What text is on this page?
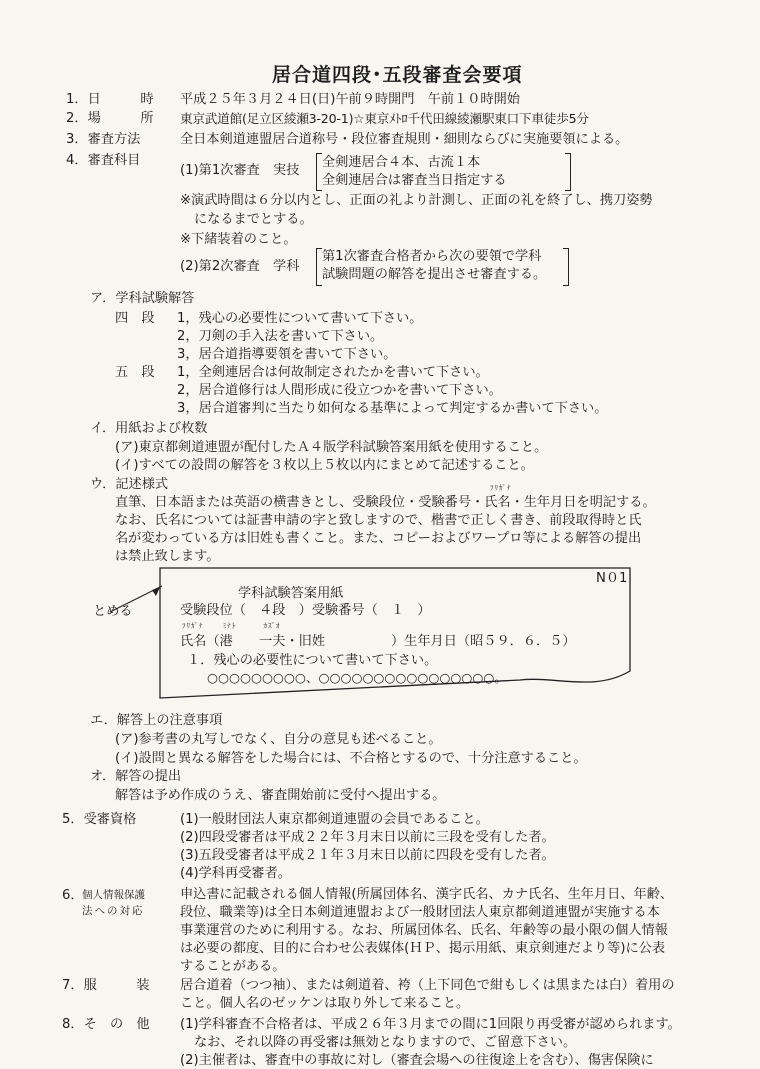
居合道四段･五段審査会要項
1．日　　　時 平成２５年３月２４日(日)午前９時開門　午前１０時開始
2．場　　　所 東京武道館(足立区綾瀬3-20-1)☆東京ﾒﾄﾛ千代田線綾瀬駅東口下車徒歩5分
3．審査方法	全日本剣道連盟居合道称号・段位審査規則・細則ならびに実施要領による。
4．審査科目
(1)第1次審査　実技
全剣連居合４本、古流１本
全剣連居合は審査当日指定する
※演武時間は６分以内とし、正面の礼より計測し、正面の礼を終了し、携刀姿勢
になるまでとする。
※下緒装着のこと。
(2)第2次審査　学科
第1次審査合格者から次の要領で学科
試験問題の解答を提出させ審査する。
ア．学科試験解答
四　段 1，残心の必要性について書いて下さい。
2，刀剣の手入法を書いて下さい。
3，居合道指導要領を書いて下さい。
五　段 1，全剣連居合は何故制定されたかを書いて下さい。
2，居合道修行は人間形成に役立つかを書いて下さい。
3，居合道審判に当たり如何なる基準によって判定するか書いて下さい。
イ．用紙および枚数
(ア)東京都剣道連盟が配付したＡ４版学科試験答案用紙を使用すること。
(イ)すべての設問の解答を３枚以上５枚以内にまとめて記述すること。
ウ．記述様式	ﾌﾘｶﾞﾅ
直筆、日本語または英語の横書きとし、受験段位・受験番号・氏名・生年月日を明記する。
なお、氏名については証書申請の字と致しますので、楷書で正しく書き、前段取得時と氏
名が変わっている方は旧姓も書くこと。また、コピーおよびワープロ等による解答の提出
は禁止致します。
とめる
N０1
学科試験答案用紙
受験段位（　４段　）受験番号（　１　）
ﾌﾘｶﾞﾅ　　 ﾐﾅﾄ　　　 ｶｽﾞｵ
氏名（港　　一夫・旧姓　　　　　）生年月日（昭５９．６．５）
１．残心の必要性について書いて下さい。
○○○○○○○○○、○○○○○○○○○○○○○○○○。
エ．解答上の注意事項
(ア)参考書の丸写しでなく、自分の意見も述べること。
(イ)設問と異なる解答をした場合には、不合格とするので、十分注意すること。
オ．解答の提出
解答は予め作成のうえ、審査開始前に受付へ提出する。
5．受審資格	(1)一般財団法人東京都剣道連盟の会員であること。
(2)四段受審者は平成２２年３月末日以前に三段を受有した者。
(3)五段受審者は平成２１年３月末日以前に四段を受有した者。
(4)学科再受審者。
6．
個人情報保護
法への対応
申込書に記載される個人情報(所属団体名、漢字氏名、カナ氏名、生年月日、年齢、
段位、職業等)は全日本剣道連盟および一般財団法人東京都剣道連盟が実施する本
事業運営のために利用する。なお、所属団体名、氏名、年齢等の最小限の個人情報
は必要の都度、目的に合わせ公表媒体(ＨＰ、掲示用紙、東京剣連だより等)に公表
することがある。
7．服　　　装 居合道着（つつ袖）、または剣道着、袴（上下同色で紺もしくは黒または白）着用の
こと。個人名のゼッケンは取り外して来ること。
8．そ　の　他 (1)学科審査不合格者は、平成２６年３月までの間に1回限り再受審が認められます。
なお、それ以降の再受審は無効となりますので、ご留意下さい。
(2)主催者は、審査中の事故に対し（審査会場への往復途上を含む）、傷害保険に
